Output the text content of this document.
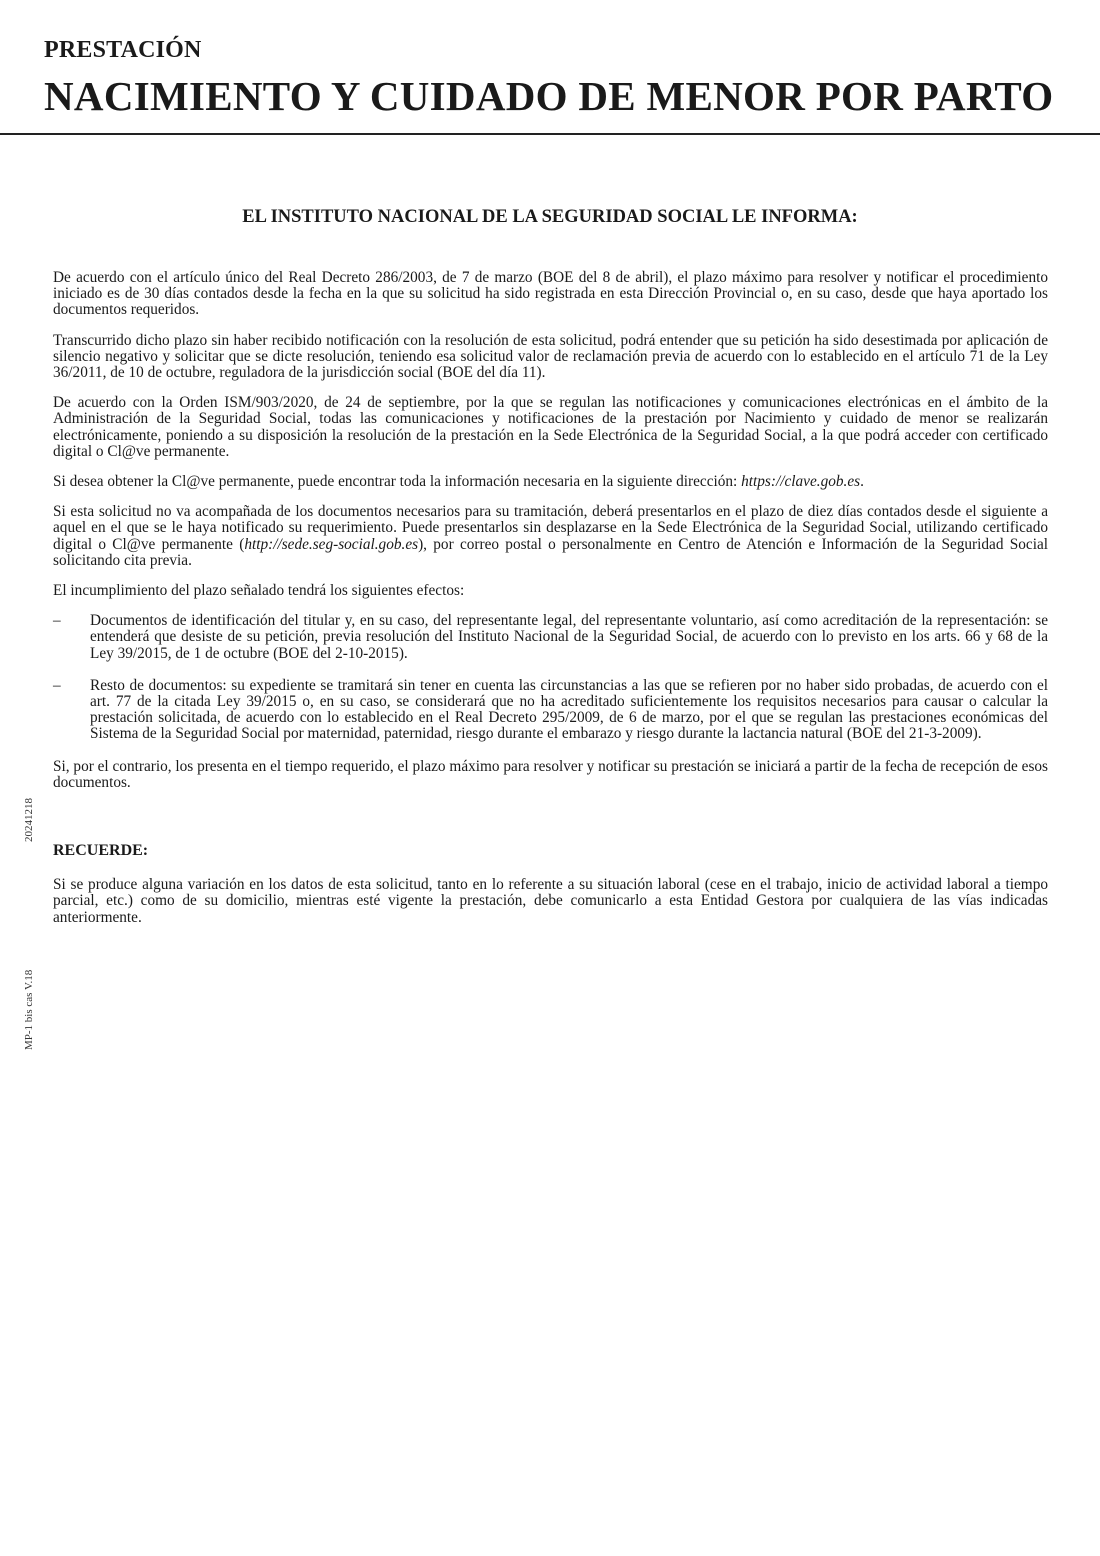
PRESTACIÓN

NACIMIENTO Y CUIDADO DE MENOR POR PARTO
EL INSTITUTO NACIONAL DE LA SEGURIDAD SOCIAL LE INFORMA:

De acuerdo con el artículo único del Real Decreto 286/2003, de 7 de marzo (BOE del 8 de abril), el plazo máximo para resolver y notificar el procedimiento iniciado es de 30 días contados desde la fecha en la que su solicitud ha sido registrada en esta Dirección Provincial o, en su caso, desde que haya aportado los documentos requeridos.

Transcurrido dicho plazo sin haber recibido notificación con la resolución de esta solicitud, podrá entender que su petición ha sido desestimada por aplicación de silencio negativo y solicitar que se dicte resolución, teniendo esa solicitud valor de reclamación previa de acuerdo con lo establecido en el artículo 71 de la Ley 36/2011, de 10 de octubre, reguladora de la jurisdicción social (BOE del día 11).

De acuerdo con la Orden ISM/903/2020, de 24 de septiembre, por la que se regulan las notificaciones y comunicaciones electrónicas en el ámbito de la Administración de la Seguridad Social, todas las comunicaciones y notificaciones de la prestación por Nacimiento y cuidado de menor se realizarán electrónicamente, poniendo a su disposición la resolución de la prestación en la Sede Electrónica de la Seguridad Social, a la que podrá acceder con certificado digital o Cl@ve permanente.

Si desea obtener la Cl@ve permanente, puede encontrar toda la información necesaria en la siguiente dirección: https://clave.gob.es.

Si esta solicitud no va acompañada de los documentos necesarios para su tramitación, deberá presentarlos en el plazo de diez días contados desde el siguiente a aquel en el que se le haya notificado su requerimiento. Puede presentarlos sin desplazarse en la Sede Electrónica de la Seguridad Social, utilizando certificado digital o Cl@ve permanente (http://sede.seg-social.gob.es), por correo postal o personalmente en Centro de Atención e Información de la Seguridad Social solicitando cita previa.

El incumplimiento del plazo señalado tendrá los siguientes efectos:

– Documentos de identificación del titular y, en su caso, del representante legal, del representante voluntario, así como acreditación de la representación: se entenderá que desiste de su petición, previa resolución del Instituto Nacional de la Seguridad Social, de acuerdo con lo previsto en los arts. 66 y 68 de la Ley 39/2015, de 1 de octubre (BOE del 2-10-2015).
– Resto de documentos: su expediente se tramitará sin tener en cuenta las circunstancias a las que se refieren por no haber sido probadas, de acuerdo con el art. 77 de la citada Ley 39/2015 o, en su caso, se considerará que no ha acreditado suficientemente los requisitos necesarios para causar o calcular la prestación solicitada, de acuerdo con lo establecido en el Real Decreto 295/2009, de 6 de marzo, por el que se regulan las prestaciones económicas del Sistema de la Seguridad Social por maternidad, paternidad, riesgo durante el embarazo y riesgo durante la lactancia natural (BOE del 21-3-2009).

Si, por el contrario, los presenta en el tiempo requerido, el plazo máximo para resolver y notificar su prestación se iniciará a partir de la fecha de recepción de esos documentos.

RECUERDE:

Si se produce alguna variación en los datos de esta solicitud, tanto en lo referente a su situación laboral (cese en el trabajo, inicio de actividad laboral a tiempo parcial, etc.) como de su domicilio, mientras esté vigente la prestación, debe comunicarlo a esta Entidad Gestora por cualquiera de las vías indicadas anteriormente.

20241218
MP-1 bis cas V.18
